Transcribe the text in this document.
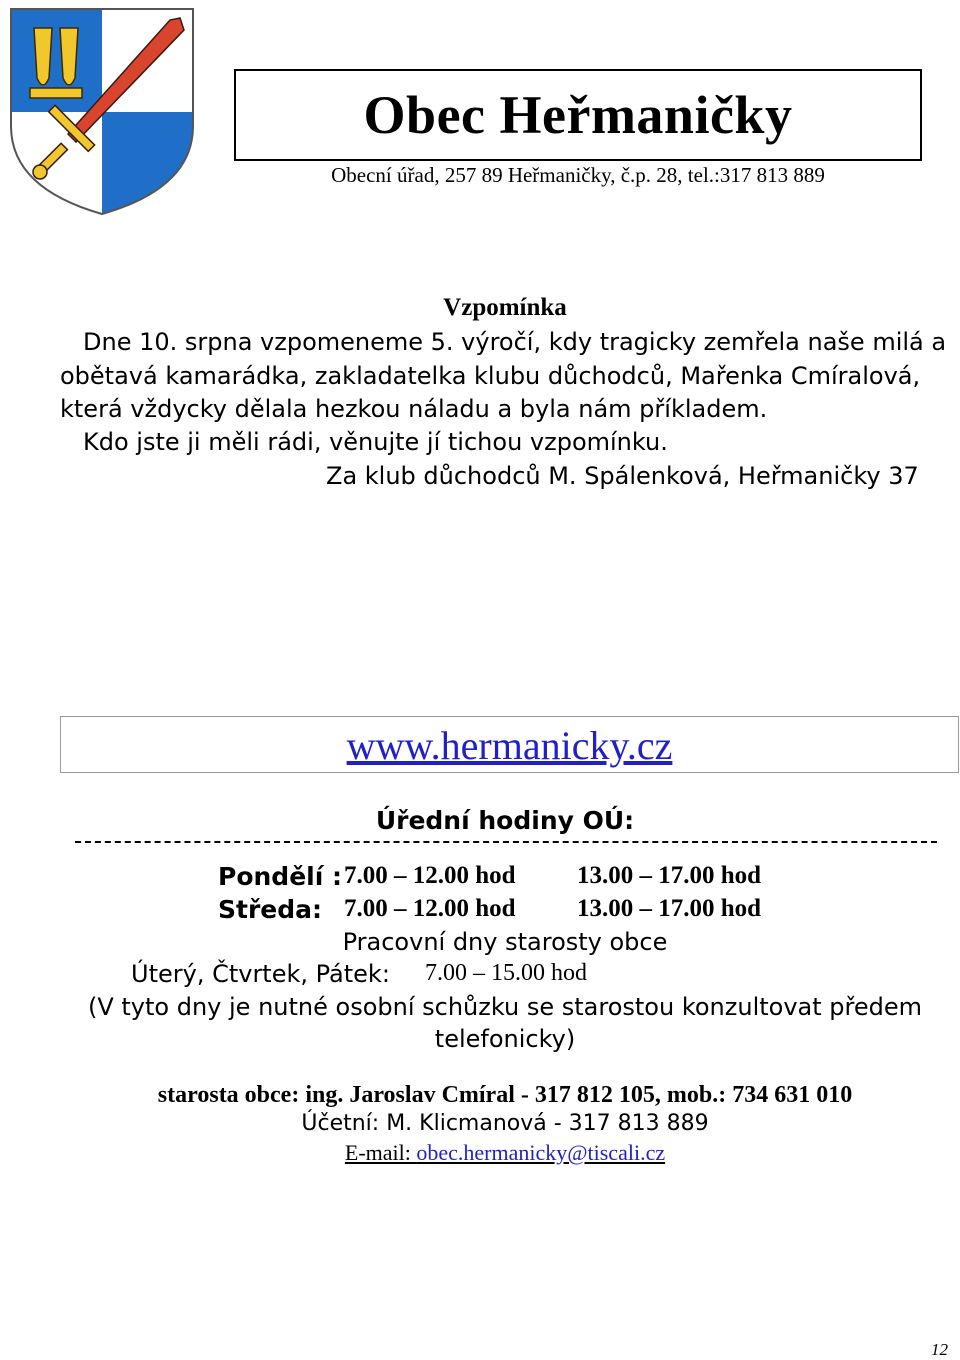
Obec Heřmaničky
Obecní úřad, 257 89 Heřmaničky, č.p. 28, tel.:317 813 889
Vzpomínka
Dne 10. srpna vzpomeneme 5. výročí, kdy tragicky zemřela naše milá a
obětavá kamarádka, zakladatelka klubu důchodců, Mařenka Cmíralová,
která vždycky dělala hezkou náladu a byla nám příkladem.
Kdo jste ji měli rádi, věnujte jí tichou vzpomínku.
Za klub důchodců M. Spálenková, Heřmaničky 37
www.hermanicky.cz
Úřední hodiny OÚ:
Pondělí : 7.00 – 12.00 hod 13.00 – 17.00 hod
Středa: 7.00 – 12.00 hod 13.00 – 17.00 hod
Pracovní dny starosty obce
Úterý, Čtvrtek, Pátek: 7.00 – 15.00 hod
(V tyto dny je nutné osobní schůzku se starostou konzultovat předem
telefonicky)
starosta obce: ing. Jaroslav Cmíral - 317 812 105, mob.: 734 631 010
Účetní: M. Klicmanová - 317 813 889
E-mail: obec.hermanicky@tiscali.cz
12
